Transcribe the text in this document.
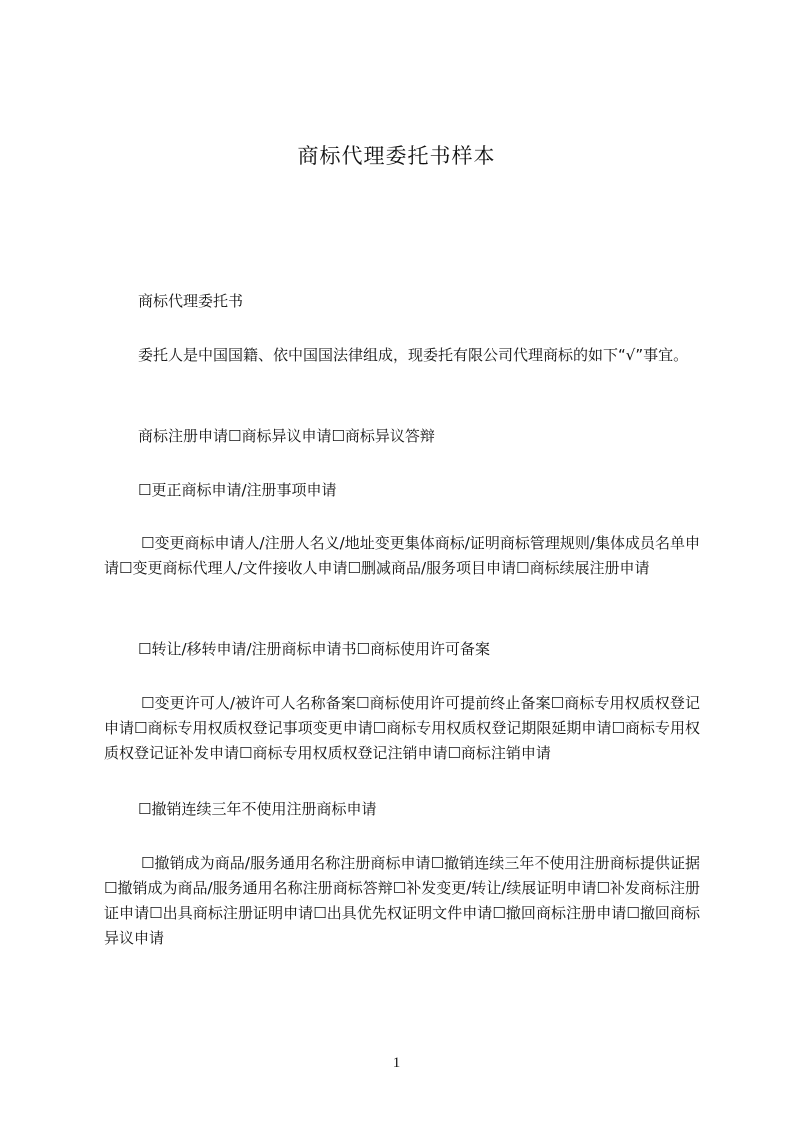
商标代理委托书样本
商标代理委托书
委托人是中国国籍、依中国国法律组成，现委托有限公司代理商标的如下“√”事宜。
商标注册申请☐商标异议申请☐商标异议答辩
☐更正商标申请/注册事项申请
☐变更商标申请人/注册人名义/地址变更集体商标/证明商标管理规则/集体成员名单申请☐变更商标代理人/文件接收人申请☐删减商品/服务项目申请☐商标续展注册申请
☐转让/移转申请/注册商标申请书☐商标使用许可备案
☐变更许可人/被许可人名称备案☐商标使用许可提前终止备案☐商标专用权质权登记申请☐商标专用权质权登记事项变更申请☐商标专用权质权登记期限延期申请☐商标专用权质权登记证补发申请☐商标专用权质权登记注销申请☐商标注销申请
☐撤销连续三年不使用注册商标申请
☐撤销成为商品/服务通用名称注册商标申请☐撤销连续三年不使用注册商标提供证据☐撤销成为商品/服务通用名称注册商标答辩☐补发变更/转让/续展证明申请☐补发商标注册证申请☐出具商标注册证明申请☐出具优先权证明文件申请☐撤回商标注册申请☐撤回商标异议申请
1
